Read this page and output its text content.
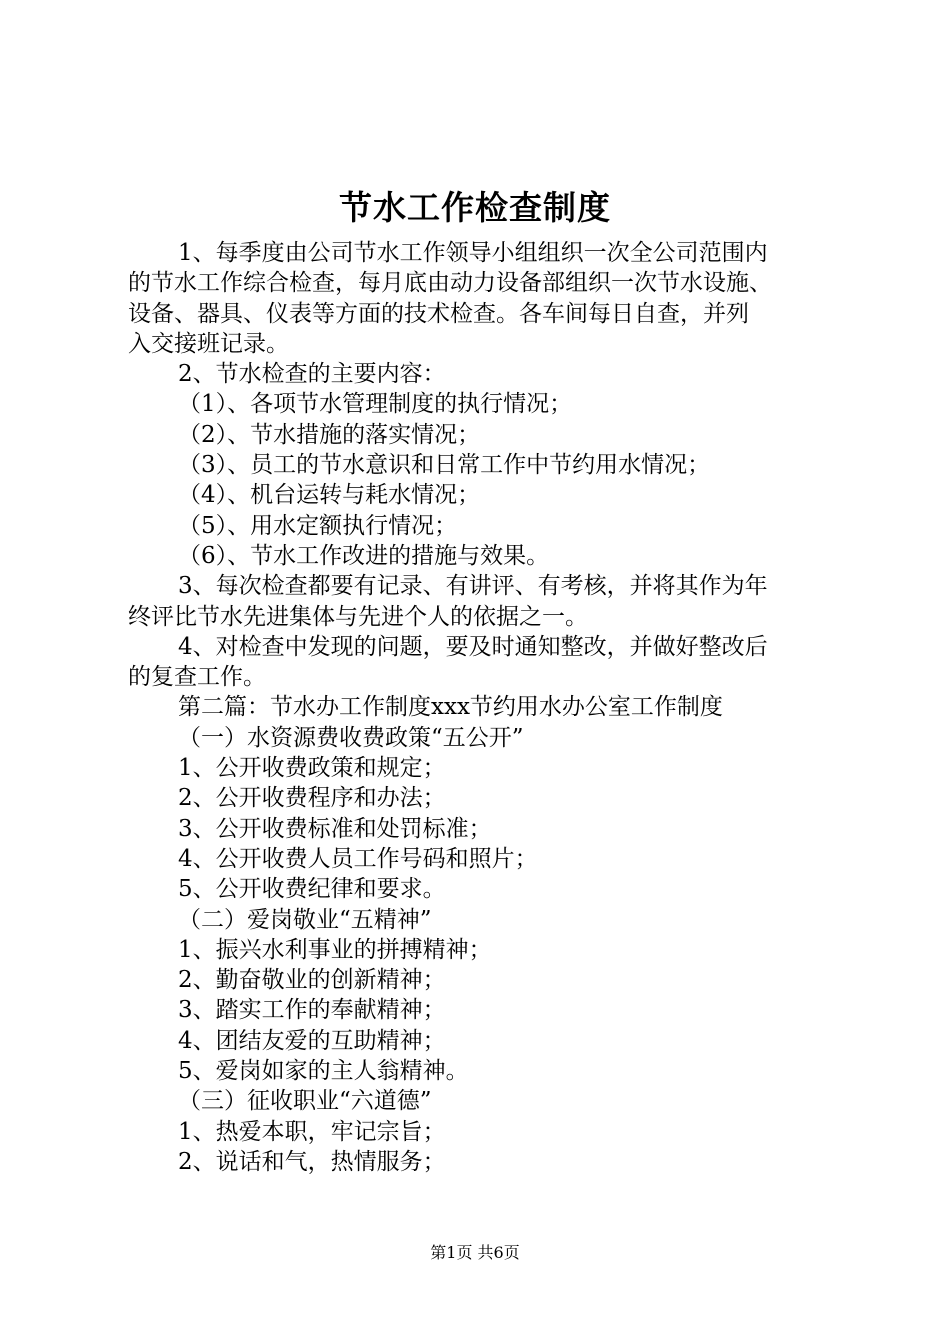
节水工作检查制度

1、每季度由公司节水工作领导小组组织一次全公司范围内

的节水工作综合检查，每月底由动力设备部组织一次节水设施、

设备、器具、仪表等方面的技术检查。各车间每日自查，并列

入交接班记录。

2、节水检查的主要内容：

（1）、各项节水管理制度的执行情况；

（2）、节水措施的落实情况；

（3）、员工的节水意识和日常工作中节约用水情况；

（4）、机台运转与耗水情况；

（5）、用水定额执行情况；

（6）、节水工作改进的措施与效果。

3、每次检查都要有记录、有讲评、有考核，并将其作为年

终评比节水先进集体与先进个人的依据之一。

4、对检查中发现的问题，要及时通知整改，并做好整改后

的复查工作。

第二篇：节水办工作制度xxx节约用水办公室工作制度

（一）水资源费收费政策“五公开”

1、公开收费政策和规定；

2、公开收费程序和办法；

3、公开收费标准和处罚标准；

4、公开收费人员工作号码和照片；

5、公开收费纪律和要求。

（二）爱岗敬业“五精神”

1、振兴水利事业的拼搏精神；

2、勤奋敬业的创新精神；

3、踏实工作的奉献精神；

4、团结友爱的互助精神；

5、爱岗如家的主人翁精神。

（三）征收职业“六道德”

1、热爱本职，牢记宗旨；

2、说话和气，热情服务；

第1页 共6页
